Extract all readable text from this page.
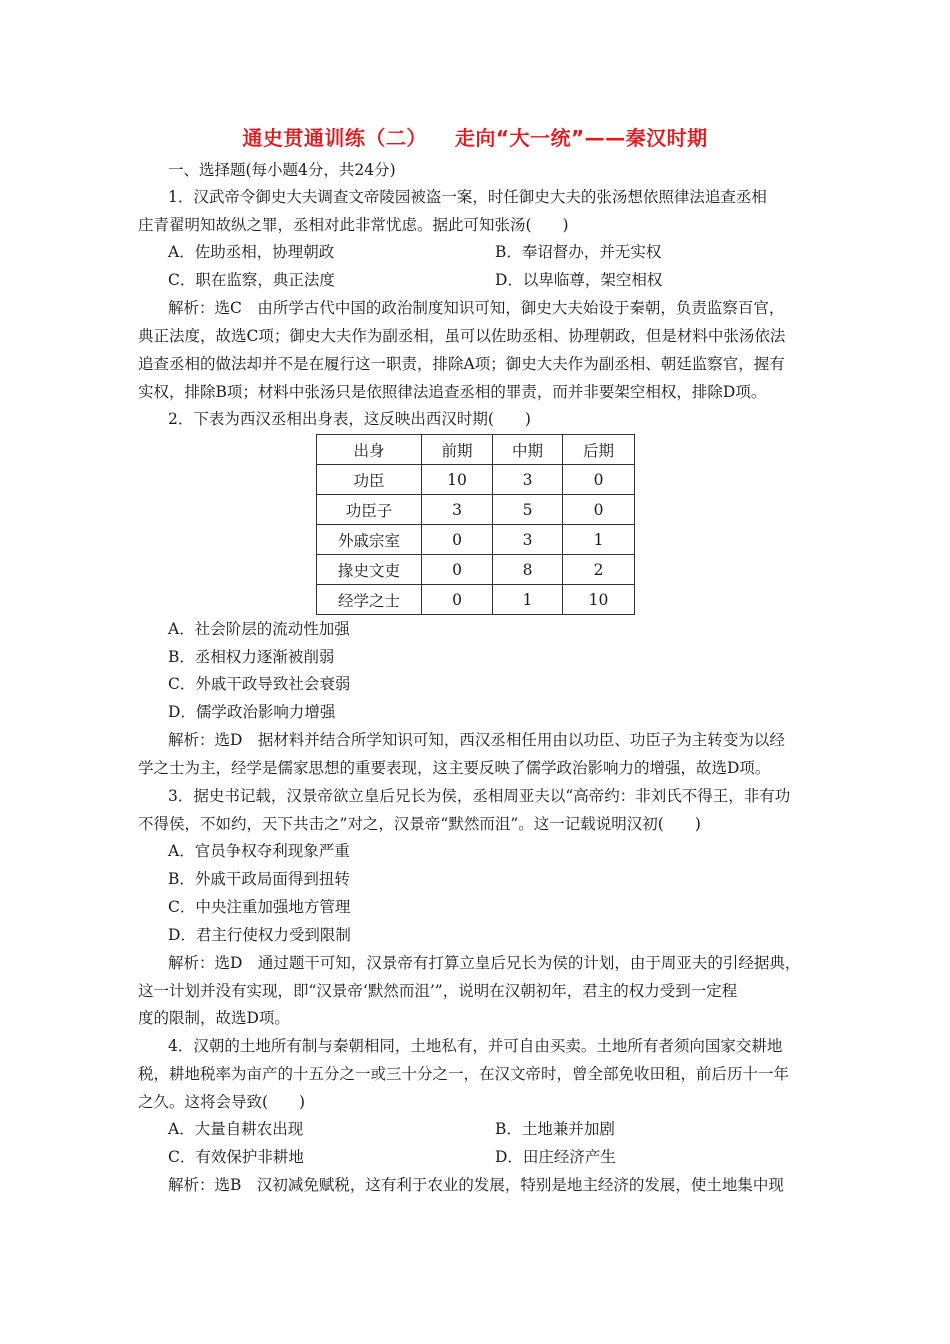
通史贯通训练（二） 走向“大一统”——秦汉时期
一、选择题(每小题4分，共24分)
1．汉武帝令御史大夫调查文帝陵园被盗一案，时任御史大夫的张汤想依照律法追查丞相
庄青翟明知故纵之罪，丞相对此非常忧虑。据此可知张汤(　　)
A．佐助丞相，协理朝政	B．奉诏督办，并无实权
C．职在监察，典正法度	D．以卑临尊，架空相权
解析：选C　由所学古代中国的政治制度知识可知，御史大夫始设于秦朝，负责监察百官，
典正法度，故选C项；御史大夫作为副丞相，虽可以佐助丞相、协理朝政，但是材料中张汤依法
追查丞相的做法却并不是在履行这一职责，排除A项；御史大夫作为副丞相、朝廷监察官，握有
实权，排除B项；材料中张汤只是依照律法追查丞相的罪责，而并非要架空相权，排除D项。
2．下表为西汉丞相出身表，这反映出西汉时期(　　)
出身	前期	中期	后期
功臣	10	3	0
功臣子	3	5	0
外戚宗室	0	3	1
掾史文吏	0	8	2
经学之士	0	1	10
A．社会阶层的流动性加强
B．丞相权力逐渐被削弱
C．外戚干政导致社会衰弱
D．儒学政治影响力增强
解析：选D　据材料并结合所学知识可知，西汉丞相任用由以功臣、功臣子为主转变为以经
学之士为主，经学是儒家思想的重要表现，这主要反映了儒学政治影响力的增强，故选D项。
3．据史书记载，汉景帝欲立皇后兄长为侯，丞相周亚夫以“高帝约：非刘氏不得王，非有功
不得侯，不如约，天下共击之”对之，汉景帝“默然而沮”。这一记载说明汉初(　　)
A．官员争权夺利现象严重
B．外戚干政局面得到扭转
C．中央注重加强地方管理
D．君主行使权力受到限制
解析：选D　通过题干可知，汉景帝有打算立皇后兄长为侯的计划，由于周亚夫的引经据典，
这一计划并没有实现，即“汉景帝‘默然而沮’”，说明在汉朝初年，君主的权力受到一定程
度的限制，故选D项。
4．汉朝的土地所有制与秦朝相同，土地私有，并可自由买卖。土地所有者须向国家交耕地
税，耕地税率为亩产的十五分之一或三十分之一，在汉文帝时，曾全部免收田租，前后历十一年
之久。这将会导致(　　)
A．大量自耕农出现	B．土地兼并加剧
C．有效保护非耕地	D．田庄经济产生
解析：选B　汉初减免赋税，这有利于农业的发展，特别是地主经济的发展，使土地集中现
